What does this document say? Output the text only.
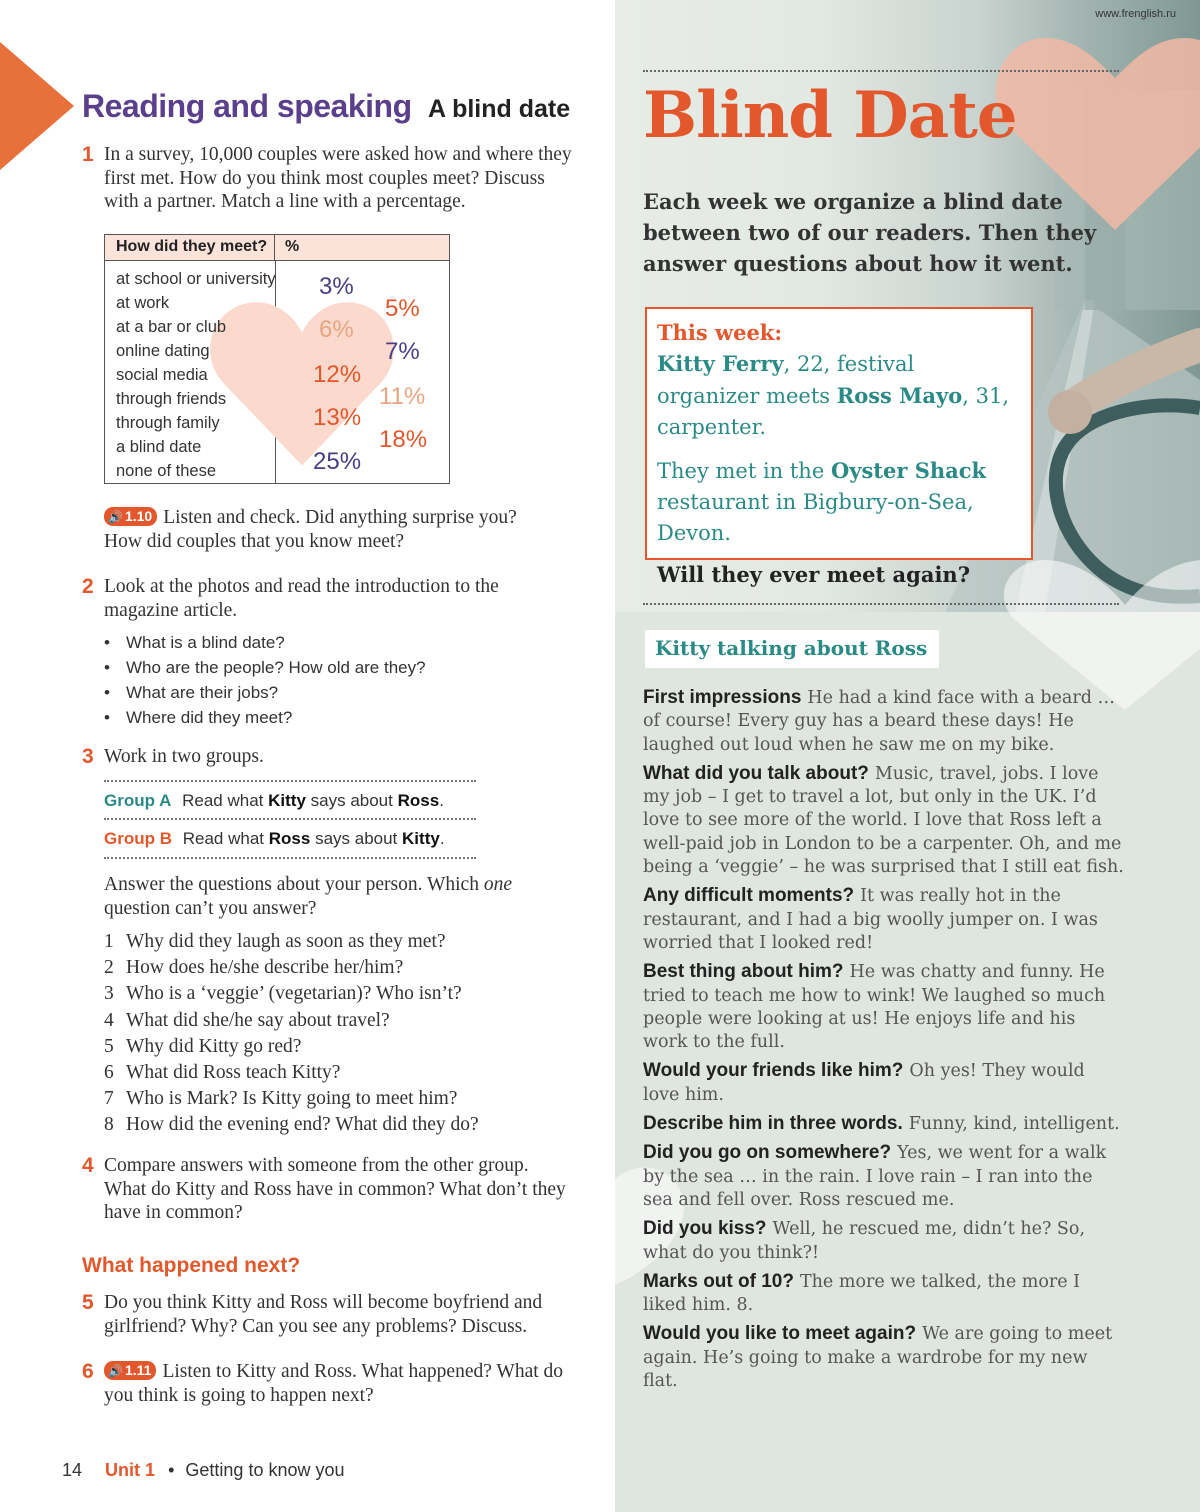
Reading and speaking A blind date
1 In a survey, 10,000 couples were asked how and where they first met. How do you think most couples meet? Discuss with a partner. Match a line with a percentage.
How did they meet?	%
at school or university
at work
at a bar or club
online dating
social media
through friends
through family
a blind date
none of these
3%
5%
6%
7%
12%
11%
13%
18%
25%
🔊 1.10 Listen and check. Did anything surprise you? How did couples that you know meet?
2 Look at the photos and read the introduction to the magazine article.
• What is a blind date?
• Who are the people? How old are they?
• What are their jobs?
• Where did they meet?
3 Work in two groups.
Group A Read what Kitty says about Ross.
Group B Read what Ross says about Kitty.
Answer the questions about your person. Which one question can’t you answer?
1 Why did they laugh as soon as they met?
2 How does he/she describe her/him?
3 Who is a ‘veggie’ (vegetarian)? Who isn’t?
4 What did she/he say about travel?
5 Why did Kitty go red?
6 What did Ross teach Kitty?
7 Who is Mark? Is Kitty going to meet him?
8 How did the evening end? What did they do?
4 Compare answers with someone from the other group. What do Kitty and Ross have in common? What don’t they have in common?
What happened next?
5 Do you think Kitty and Ross will become boyfriend and girlfriend? Why? Can you see any problems? Discuss.
6	🔊 1.11 Listen to Kitty and Ross. What happened? What do you think is going to happen next?
14 Unit 1 • Getting to know you
www.frenglish.ru
Blind Date
Each week we organize a blind date between two of our readers. Then they answer questions about how it went.
This week:
Kitty Ferry, 22, festival organizer meets Ross Mayo, 31, carpenter.
They met in the Oyster Shack restaurant in Bigbury-on-Sea, Devon.
Will they ever meet again?
Kitty talking about Ross

First impressions He had a kind face with a beard … of course! Every guy has a beard these days! He laughed out loud when he saw me on my bike.

What did you talk about? Music, travel, jobs. I love my job – I get to travel a lot, but only in the UK. I’d love to see more of the world. I love that Ross left a well-paid job in London to be a carpenter. Oh, and me being a ‘veggie’ – he was surprised that I still eat fish.

Any difficult moments? It was really hot in the restaurant, and I had a big woolly jumper on. I was worried that I looked red!

Best thing about him? He was chatty and funny. He tried to teach me how to wink! We laughed so much people were looking at us! He enjoys life and his work to the full.

Would your friends like him? Oh yes! They would love him.

Describe him in three words. Funny, kind, intelligent.

Did you go on somewhere? Yes, we went for a walk by the sea … in the rain. I love rain – I ran into the sea and fell over. Ross rescued me.

Did you kiss? Well, he rescued me, didn’t he? So, what do you think?!

Marks out of 10? The more we talked, the more I liked him. 8.

Would you like to meet again? We are going to meet again. He’s going to make a wardrobe for my new flat.
